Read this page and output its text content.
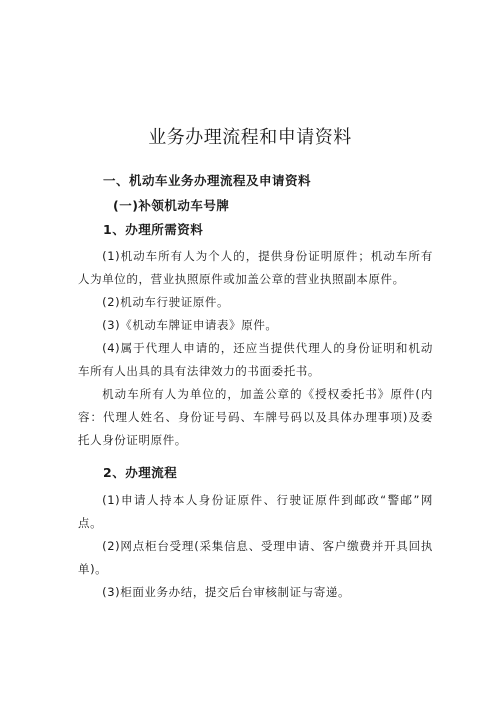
业务办理流程和申请资料
一、机动车业务办理流程及申请资料
(一)补领机动车号牌
1、办理所需资料
(1)机动车所有人为个人的，提供身份证明原件；机动车所有人为单位的，营业执照原件或加盖公章的营业执照副本原件。
(2)机动车行驶证原件。
(3)《机动车牌证申请表》原件。
(4)属于代理人申请的，还应当提供代理人的身份证明和机动车所有人出具的具有法律效力的书面委托书。
机动车所有人为单位的，加盖公章的《授权委托书》原件(内容：代理人姓名、身份证号码、车牌号码以及具体办理事项)及委托人身份证明原件。
2、办理流程
(1)申请人持本人身份证原件、行驶证原件到邮政“警邮”网点。
(2)网点柜台受理(采集信息、受理申请、客户缴费并开具回执单)。
(3)柜面业务办结，提交后台审核制证与寄递。
